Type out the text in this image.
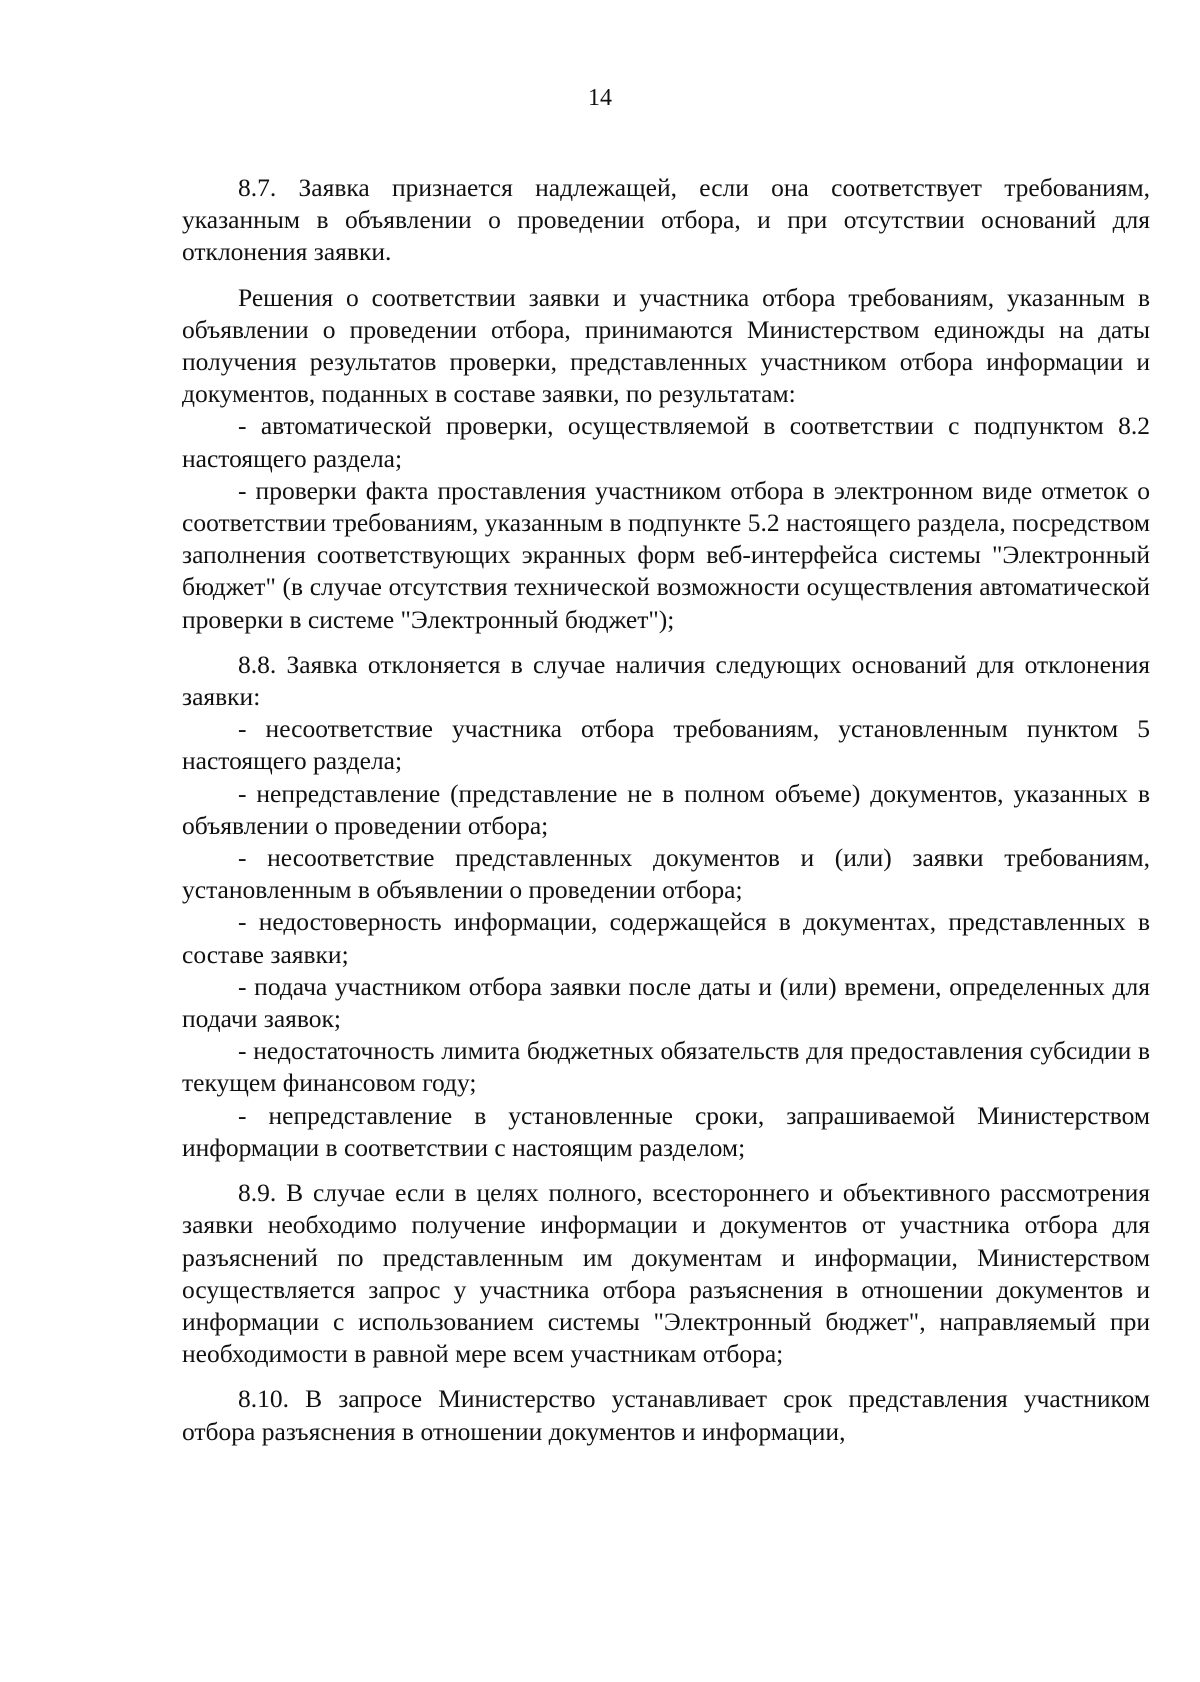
14

8.7. Заявка признается надлежащей, если она соответствует требованиям, указанным в объявлении о проведении отбора, и при отсутствии оснований для отклонения заявки.

Решения о соответствии заявки и участника отбора требованиям, указанным в объявлении о проведении отбора, принимаются Министерством единожды на даты получения результатов проверки, представленных участником отбора информации и документов, поданных в составе заявки, по результатам:

- автоматической проверки, осуществляемой в соответствии с подпунктом 8.2 настоящего раздела;

- проверки факта проставления участником отбора в электронном виде отметок о соответствии требованиям, указанным в подпункте 5.2 настоящего раздела, посредством заполнения соответствующих экранных форм веб-интерфейса системы "Электронный бюджет" (в случае отсутствия технической возможности осуществления автоматической проверки в системе "Электронный бюджет");

8.8. Заявка отклоняется в случае наличия следующих оснований для отклонения заявки:

- несоответствие участника отбора требованиям, установленным пунктом 5 настоящего раздела;

- непредставление (представление не в полном объеме) документов, указанных в объявлении о проведении отбора;

- несоответствие представленных документов и (или) заявки требованиям, установленным в объявлении о проведении отбора;

- недостоверность информации, содержащейся в документах, представленных в составе заявки;

- подача участником отбора заявки после даты и (или) времени, определенных для подачи заявок;

- недостаточность лимита бюджетных обязательств для предоставления субсидии в текущем финансовом году;

- непредставление в установленные сроки, запрашиваемой Министерством информации в соответствии с настоящим разделом;

8.9. В случае если в целях полного, всестороннего и объективного рассмотрения заявки необходимо получение информации и документов от участника отбора для разъяснений по представленным им документам и информации, Министерством осуществляется запрос у участника отбора разъяснения в отношении документов и информации с использованием системы "Электронный бюджет", направляемый при необходимости в равной мере всем участникам отбора;

8.10. В запросе Министерство устанавливает срок представления участником отбора разъяснения в отношении документов и информации,
